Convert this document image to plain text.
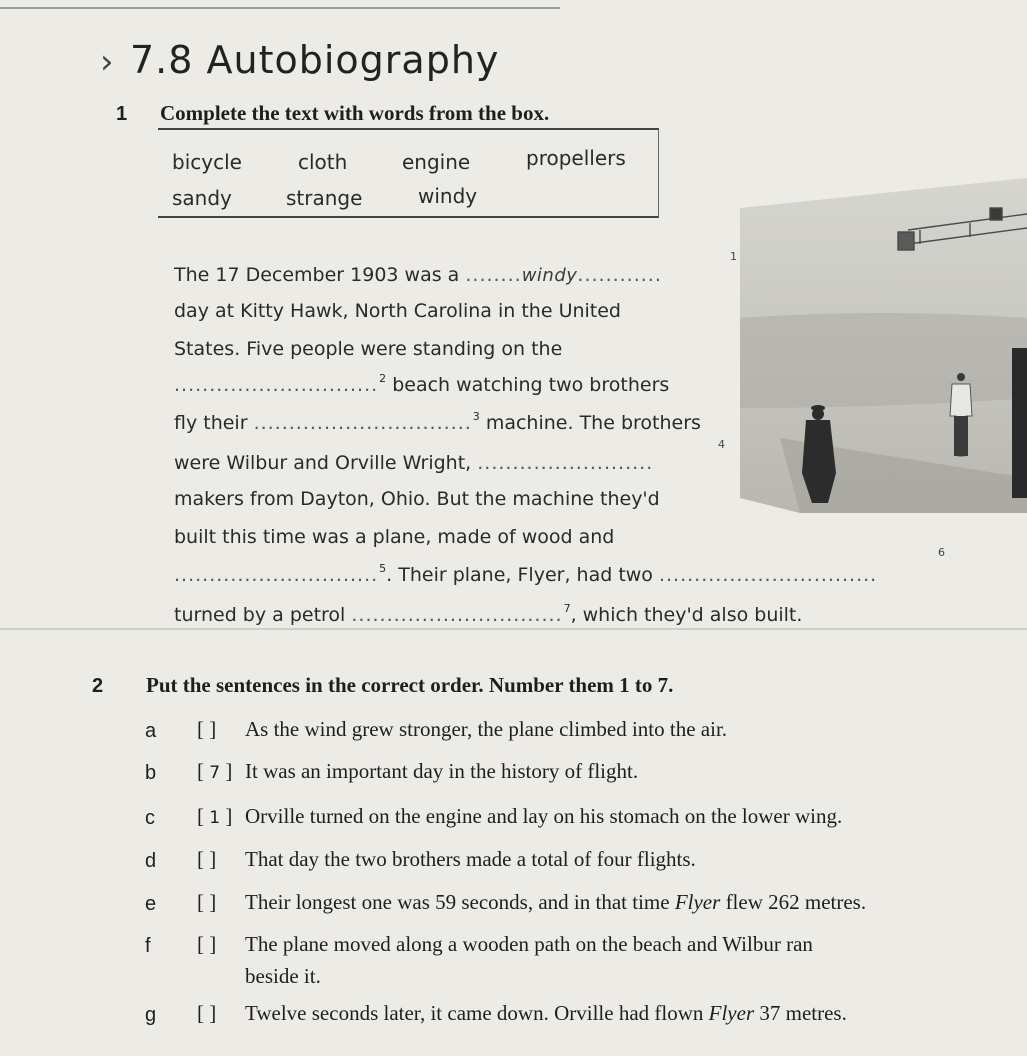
› 7.8 Autobiography
1 Complete the text with words from the box.
bicycle	cloth	engine	propellers
sandy	strange	windy
The 17 December 1903 was a ........windy............
1
day at Kitty Hawk, North Carolina in the United
States. Five people were standing on the
.............................$^2$ beach watching two brothers
fly their ...............................$^3$ machine. The brothers
were Wilbur and Orville Wright, .........................
4
makers from Dayton, Ohio. But the machine they'd
built this time was a plane, made of wood and
.............................$^5$. Their plane, Flyer, had two ...............................
6
turned by a petrol ..............................$^7$, which they'd also built.
2 Put the sentences in the correct order. Number them 1 to 7.
a	[ ] As the wind grew stronger, the plane climbed into the air.
b	[ 7 ] It was an important day in the history of flight.
c	[ 1 ] Orville turned on the engine and lay on his stomach on the lower wing.
d	[ ] That day the two brothers made a total of four flights.
e	[ ] Their longest one was 59 seconds, and in that time Flyer flew 262 metres.
f	[ ] The plane moved along a wooden path on the beach and Wilbur ran
beside it.
g	[ ] Twelve seconds later, it came down. Orville had flown Flyer 37 metres.
